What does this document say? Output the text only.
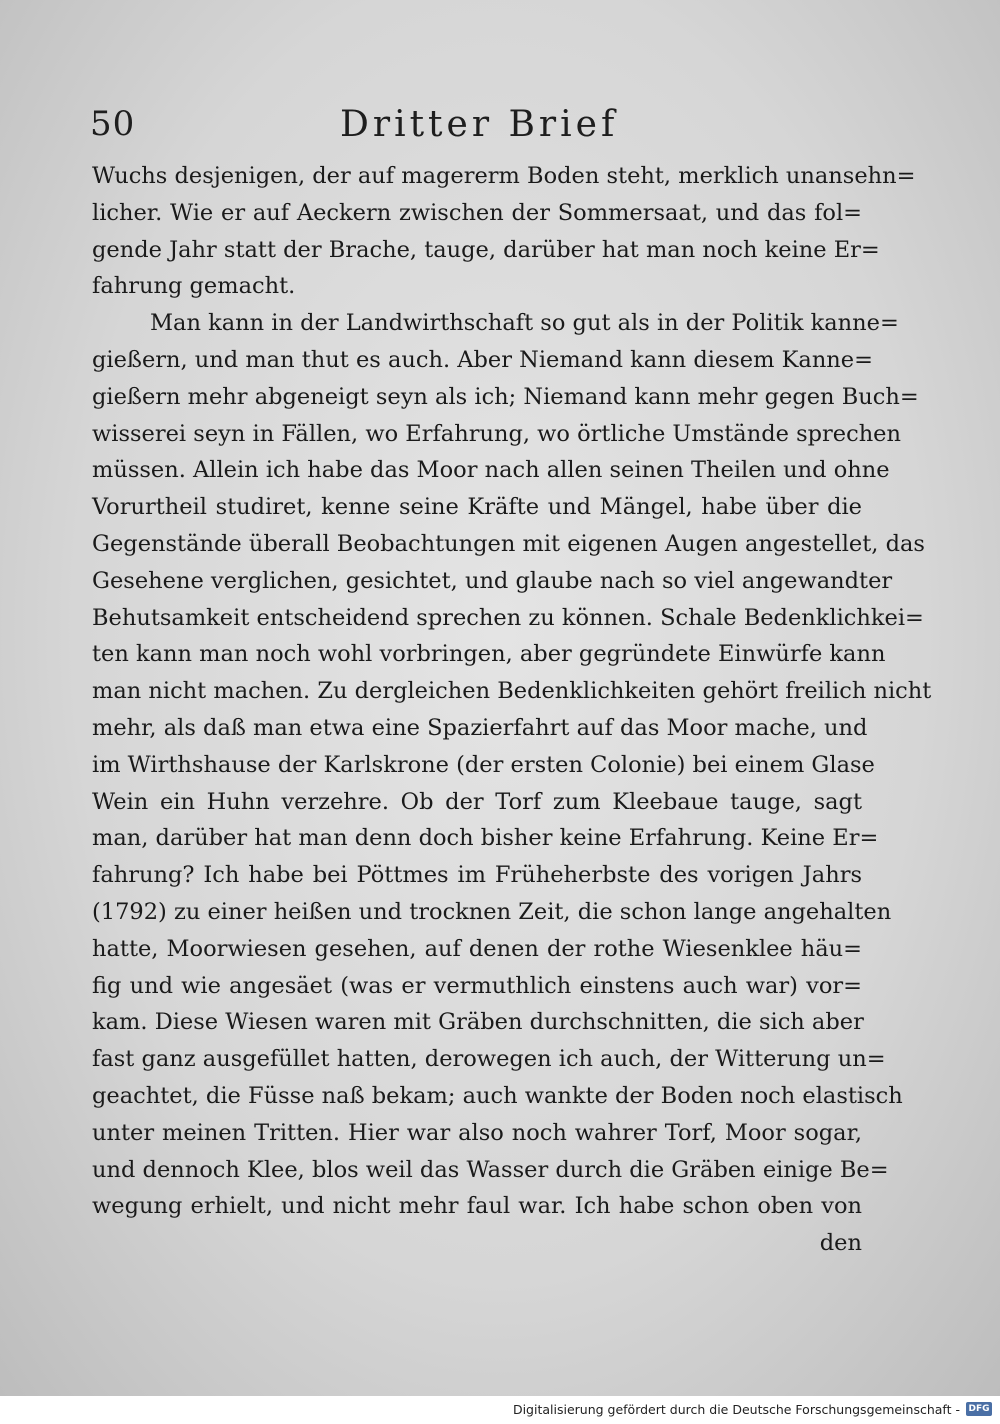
50	Dritter Brief
Wuchs desjenigen, der auf magererm Boden steht, merklich unansehn=
licher. Wie er auf Aeckern zwischen der Sommersaat, und das fol=
gende Jahr statt der Brache, tauge, darüber hat man noch keine Er=
fahrung gemacht.
Man kann in der Landwirthschaft so gut als in der Politik kanne=
gießern, und man thut es auch. Aber Niemand kann diesem Kanne=
gießern mehr abgeneigt seyn als ich; Niemand kann mehr gegen Buch=
wisserei seyn in Fällen, wo Erfahrung, wo örtliche Umstände sprechen
müssen. Allein ich habe das Moor nach allen seinen Theilen und ohne
Vorurtheil studiret, kenne seine Kräfte und Mängel, habe über die
Gegenstände überall Beobachtungen mit eigenen Augen angestellet, das
Gesehene verglichen, gesichtet, und glaube nach so viel angewandter
Behutsamkeit entscheidend sprechen zu können. Schale Bedenklichkei=
ten kann man noch wohl vorbringen, aber gegründete Einwürfe kann
man nicht machen. Zu dergleichen Bedenklichkeiten gehört freilich nicht
mehr, als daß man etwa eine Spazierfahrt auf das Moor mache, und
im Wirthshause der Karlskrone (der ersten Colonie) bei einem Glase
Wein ein Huhn verzehre. Ob der Torf zum Kleebaue tauge, sagt
man, darüber hat man denn doch bisher keine Erfahrung. Keine Er=
fahrung? Ich habe bei Pöttmes im Früheherbste des vorigen Jahrs
(1792) zu einer heißen und trocknen Zeit, die schon lange angehalten
hatte, Moorwiesen gesehen, auf denen der rothe Wiesenklee häu=
fig und wie angesäet (was er vermuthlich einstens auch war) vor=
kam. Diese Wiesen waren mit Gräben durchschnitten, die sich aber
fast ganz ausgefüllet hatten, derowegen ich auch, der Witterung un=
geachtet, die Füsse naß bekam; auch wankte der Boden noch elastisch
unter meinen Tritten. Hier war also noch wahrer Torf, Moor sogar,
und dennoch Klee, blos weil das Wasser durch die Gräben einige Be=
wegung erhielt, und nicht mehr faul war. Ich habe schon oben von
den
Digitalisierung gefördert durch die Deutsche Forschungsgemeinschaft - DFG
